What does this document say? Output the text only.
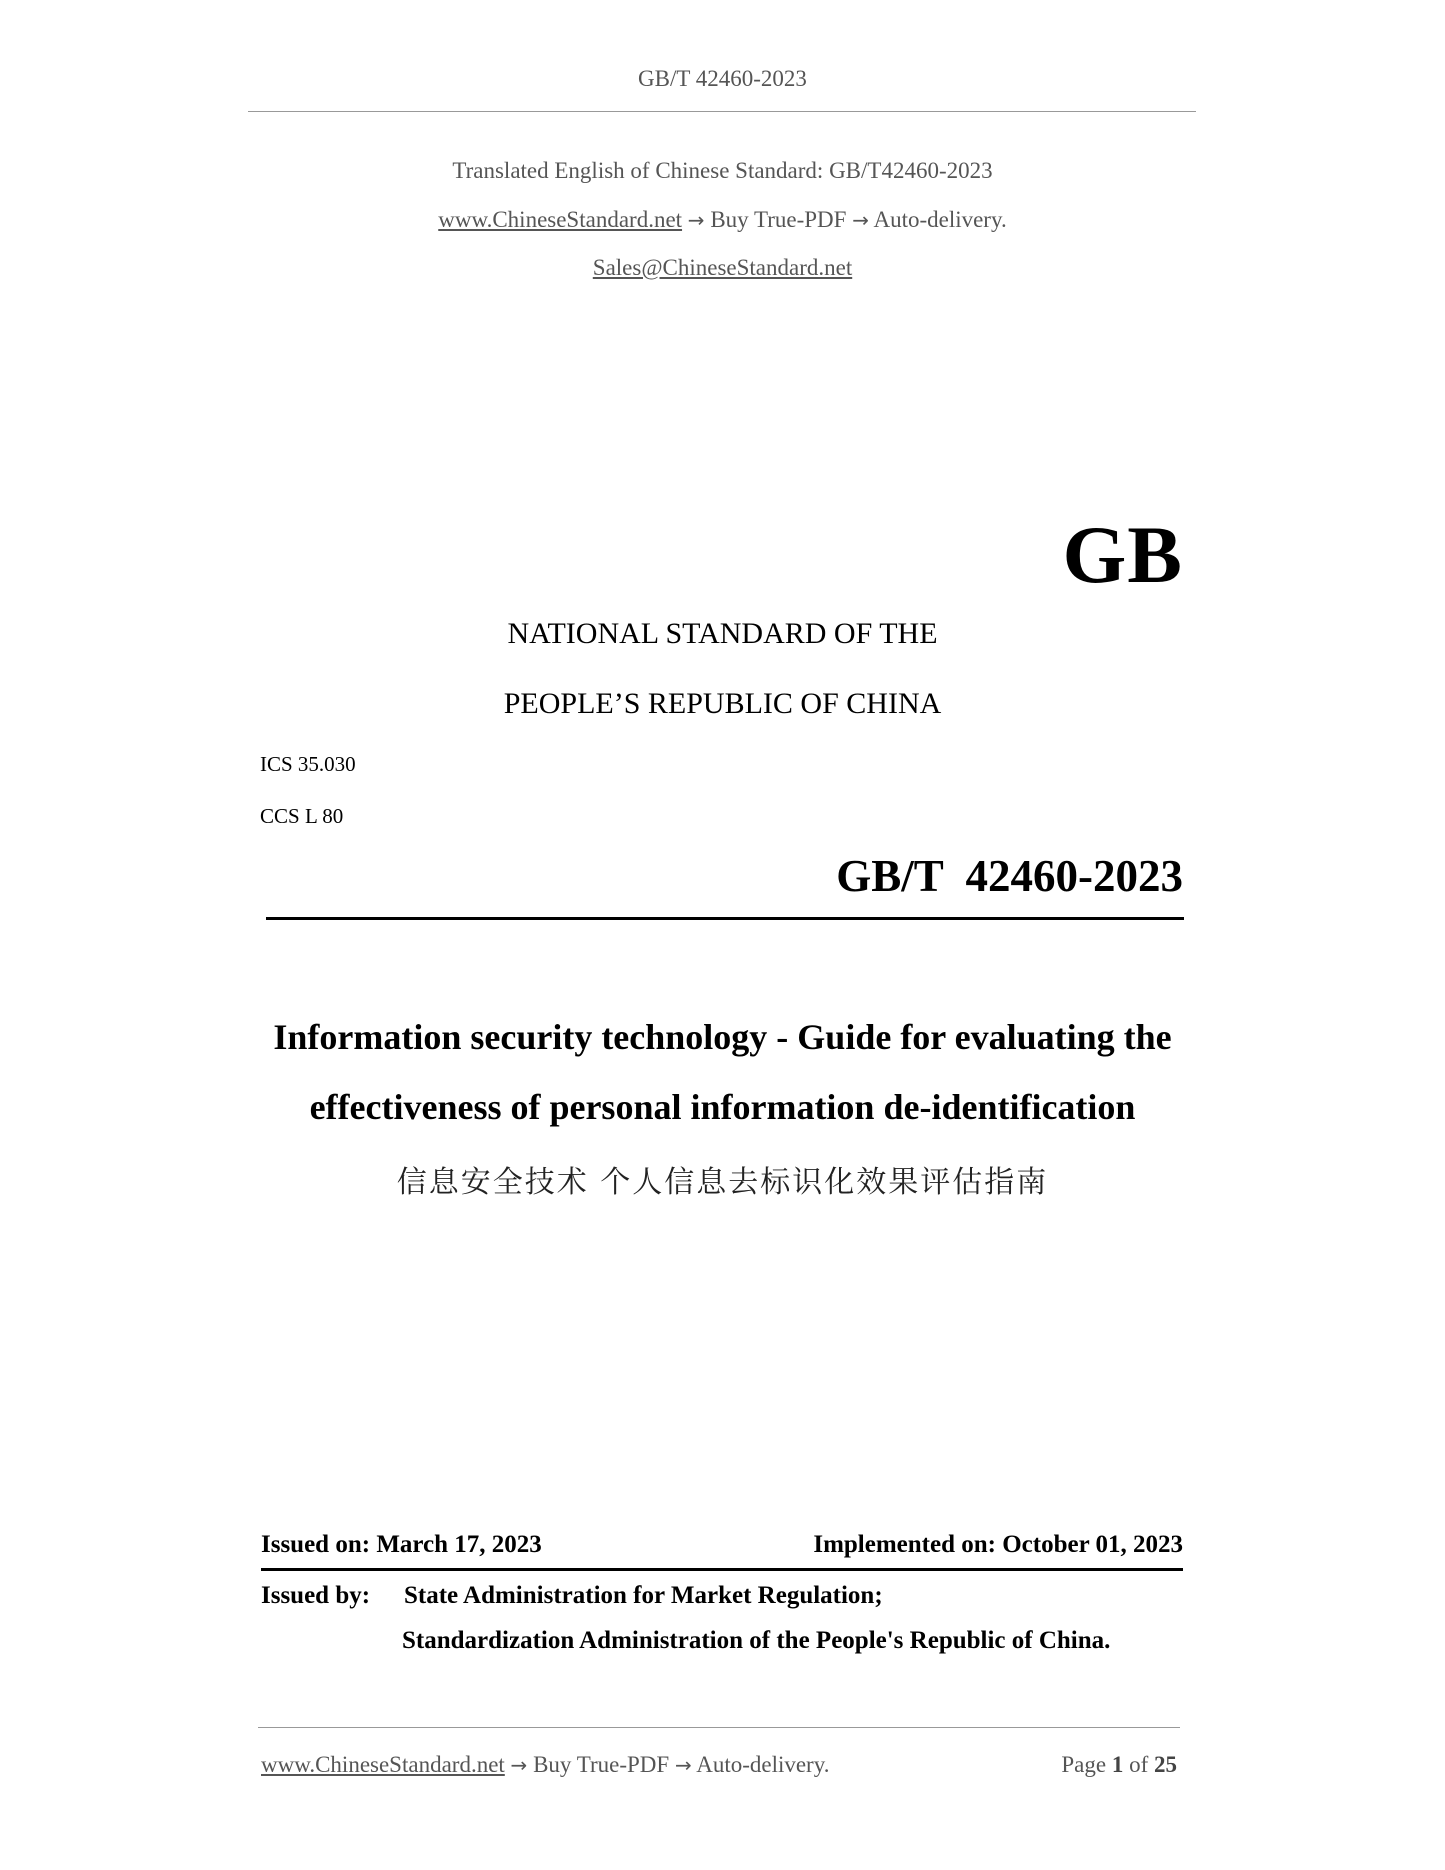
GB/T 42460-2023
Translated English of Chinese Standard: GB/T42460-2023
www.ChineseStandard.net → Buy True-PDF → Auto-delivery.
Sales@ChineseStandard.net
GB
NATIONAL STANDARD OF THE
PEOPLE’S REPUBLIC OF CHINA
ICS 35.030
CCS L 80
GB/T  42460-2023
Information security technology - Guide for evaluating the
effectiveness of personal information de-identification
信息安全技术 个人信息去标识化效果评估指南
Issued on: March 17, 2023	Implemented on: October 01, 2023
Issued by: State Administration for Market Regulation;
Standardization Administration of the People's Republic of China.
www.ChineseStandard.net → Buy True-PDF → Auto-delivery.	Page 1 of 25
